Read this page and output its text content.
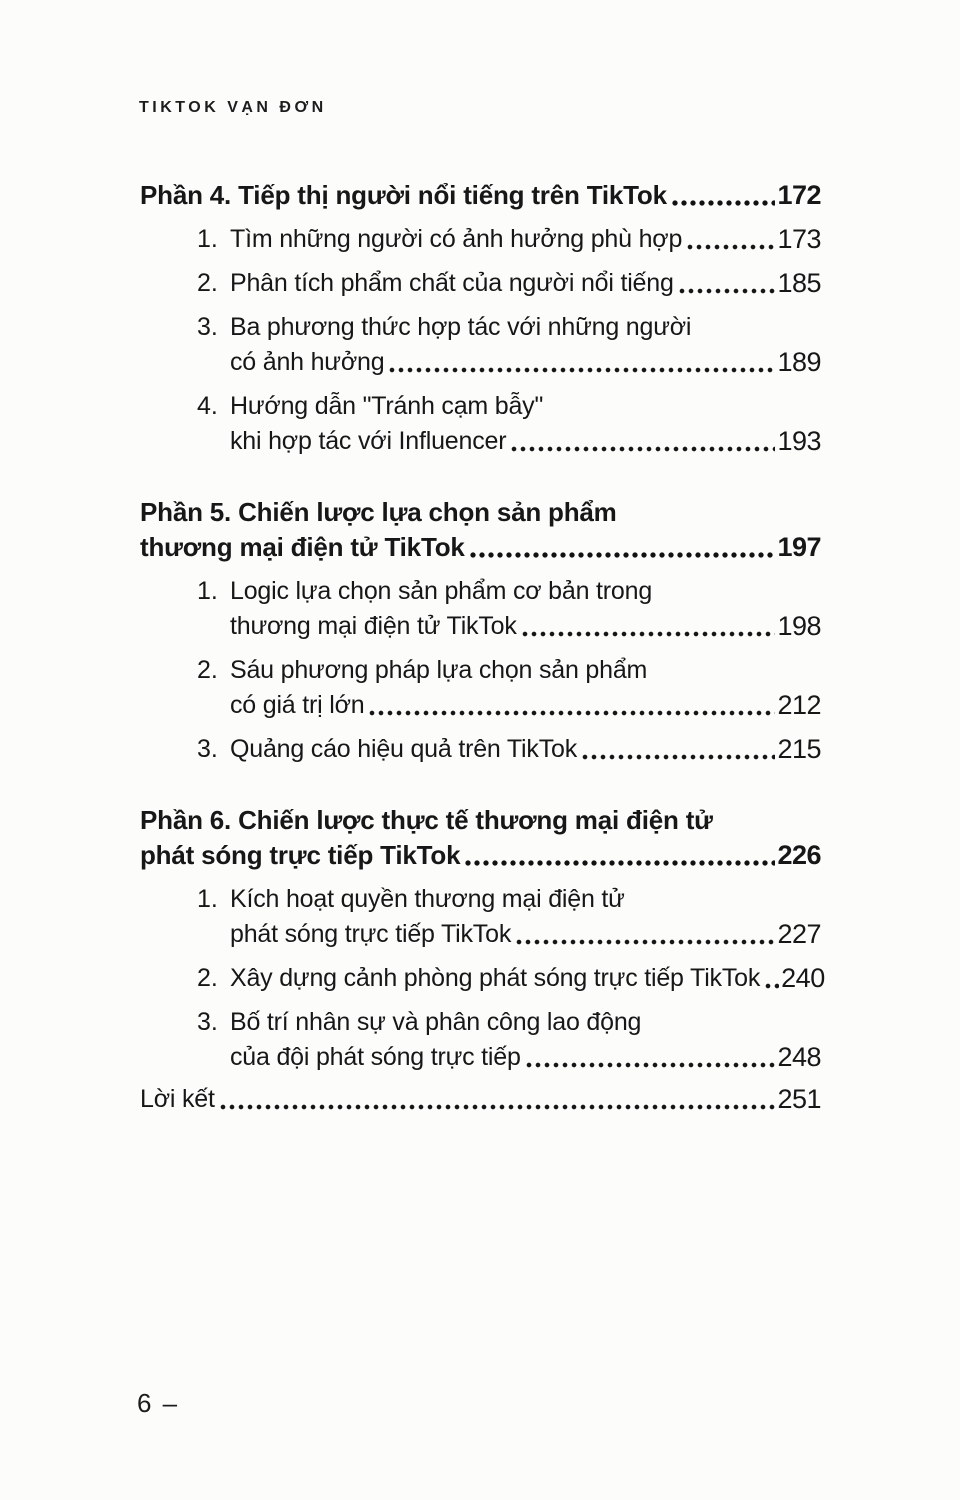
TIKTOK VẠN ĐƠN
Phần 4. Tiếp thị người nổi tiếng trên TikTok	172
1. Tìm những người có ảnh hưởng phù hợp	173
2. Phân tích phẩm chất của người nổi tiếng	185
3. Ba phương thức hợp tác với những người
có ảnh hưởng	189
4. Hướng dẫn "Tránh cạm bẫy"
khi hợp tác với Influencer	193
Phần 5. Chiến lược lựa chọn sản phẩm
thương mại điện tử TikTok	197
1. Logic lựa chọn sản phẩm cơ bản trong
thương mại điện tử TikTok	198
2. Sáu phương pháp lựa chọn sản phẩm
có giá trị lớn	212
3. Quảng cáo hiệu quả trên TikTok	215
Phần 6. Chiến lược thực tế thương mại điện tử
phát sóng trực tiếp TikTok	226
1. Kích hoạt quyền thương mại điện tử
phát sóng trực tiếp TikTok	227
2. Xây dựng cảnh phòng phát sóng trực tiếp TikTok 240
3. Bố trí nhân sự và phân công lao động
của đội phát sóng trực tiếp	248
Lời kết	251
6 –
